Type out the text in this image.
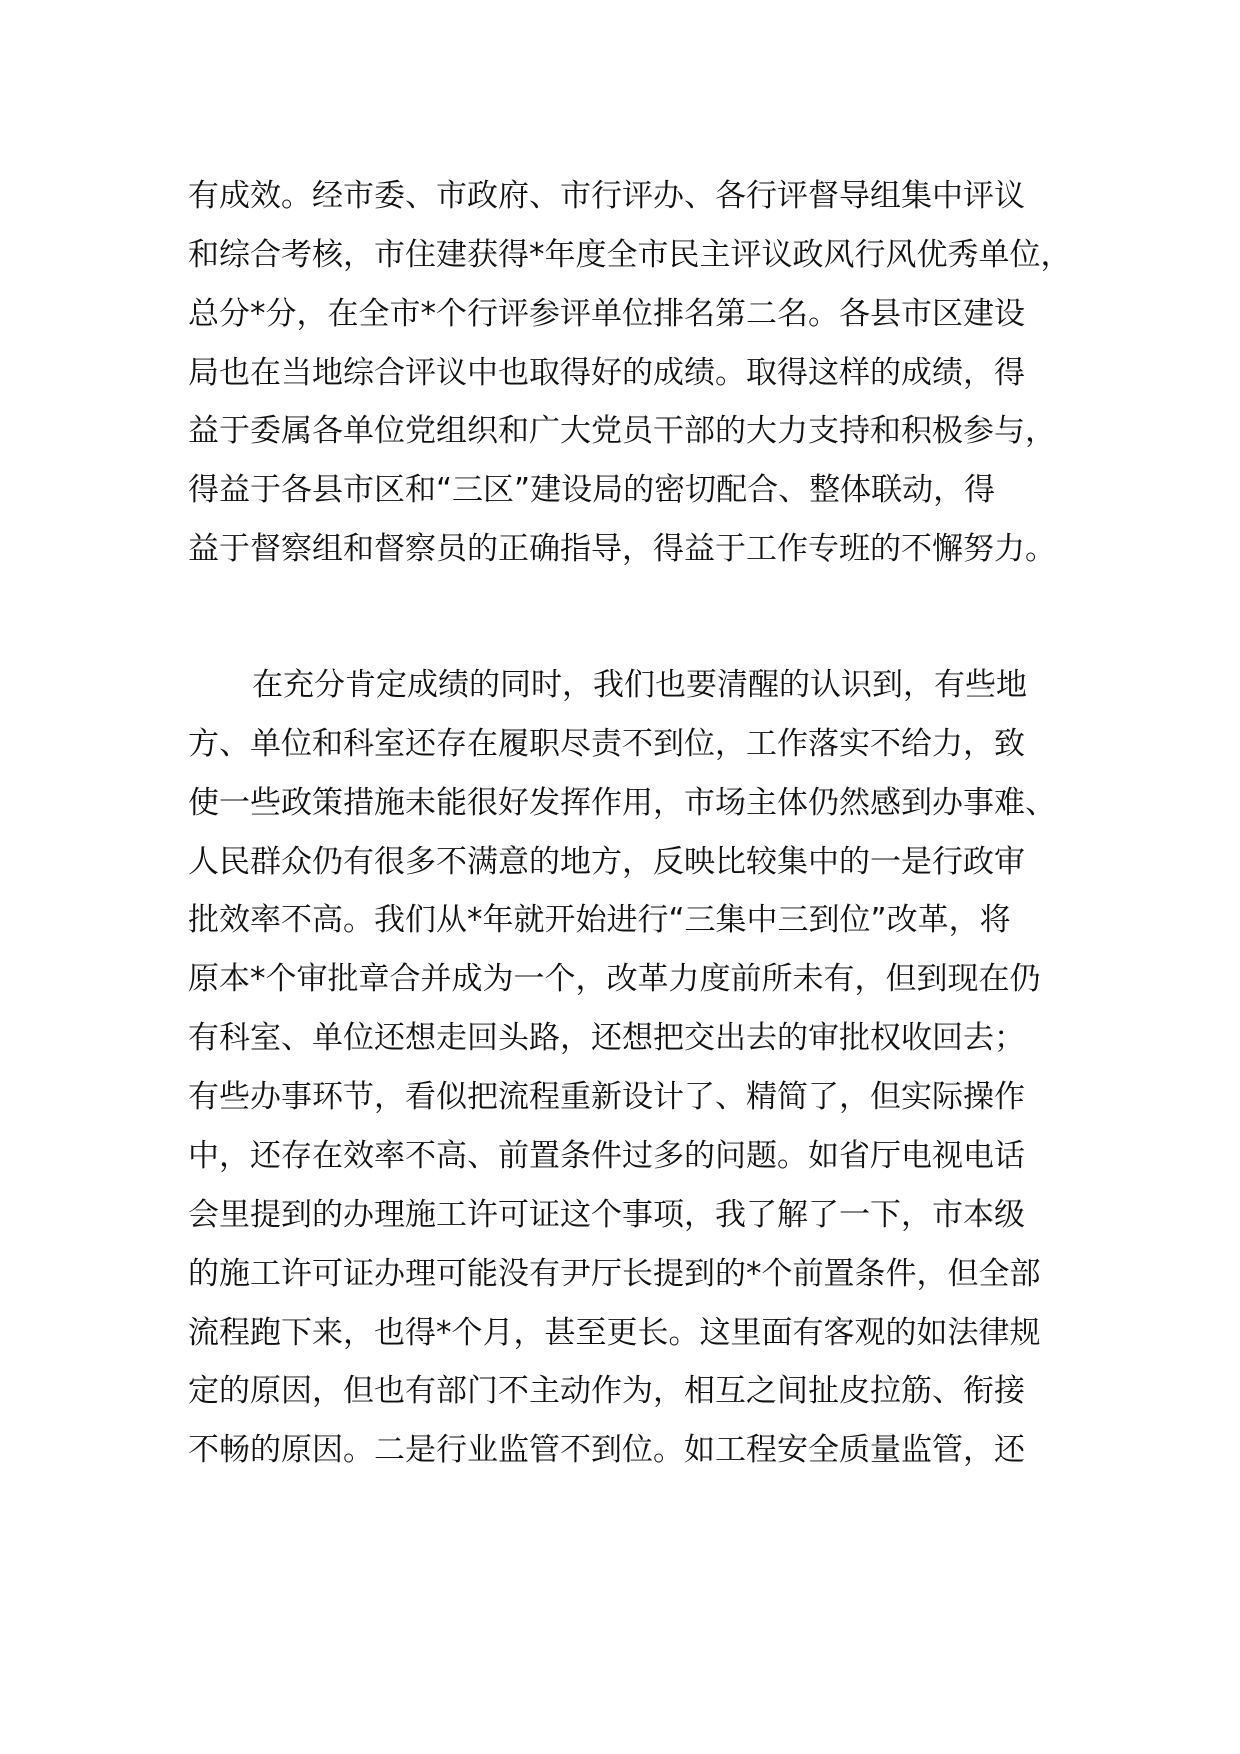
有成效。经市委、市政府、市行评办、各行评督导组集中评议
和综合考核，市住建获得*年度全市民主评议政风行风优秀单位，
总分*分，在全市*个行评参评单位排名第二名。各县市区建设
局也在当地综合评议中也取得好的成绩。取得这样的成绩，得
益于委属各单位党组织和广大党员干部的大力支持和积极参与，
得益于各县市区和“三区”建设局的密切配合、整体联动，得
益于督察组和督察员的正确指导，得益于工作专班的不懈努力。
在充分肯定成绩的同时，我们也要清醒的认识到，有些地
方、单位和科室还存在履职尽责不到位，工作落实不给力，致
使一些政策措施未能很好发挥作用，市场主体仍然感到办事难、
人民群众仍有很多不满意的地方，反映比较集中的一是行政审
批效率不高。我们从*年就开始进行“三集中三到位”改革，将
原本*个审批章合并成为一个，改革力度前所未有，但到现在仍
有科室、单位还想走回头路，还想把交出去的审批权收回去；
有些办事环节，看似把流程重新设计了、精简了，但实际操作
中，还存在效率不高、前置条件过多的问题。如省厅电视电话
会里提到的办理施工许可证这个事项，我了解了一下，市本级
的施工许可证办理可能没有尹厅长提到的*个前置条件，但全部
流程跑下来，也得*个月，甚至更长。这里面有客观的如法律规
定的原因，但也有部门不主动作为，相互之间扯皮拉筋、衔接
不畅的原因。二是行业监管不到位。如工程安全质量监管，还
